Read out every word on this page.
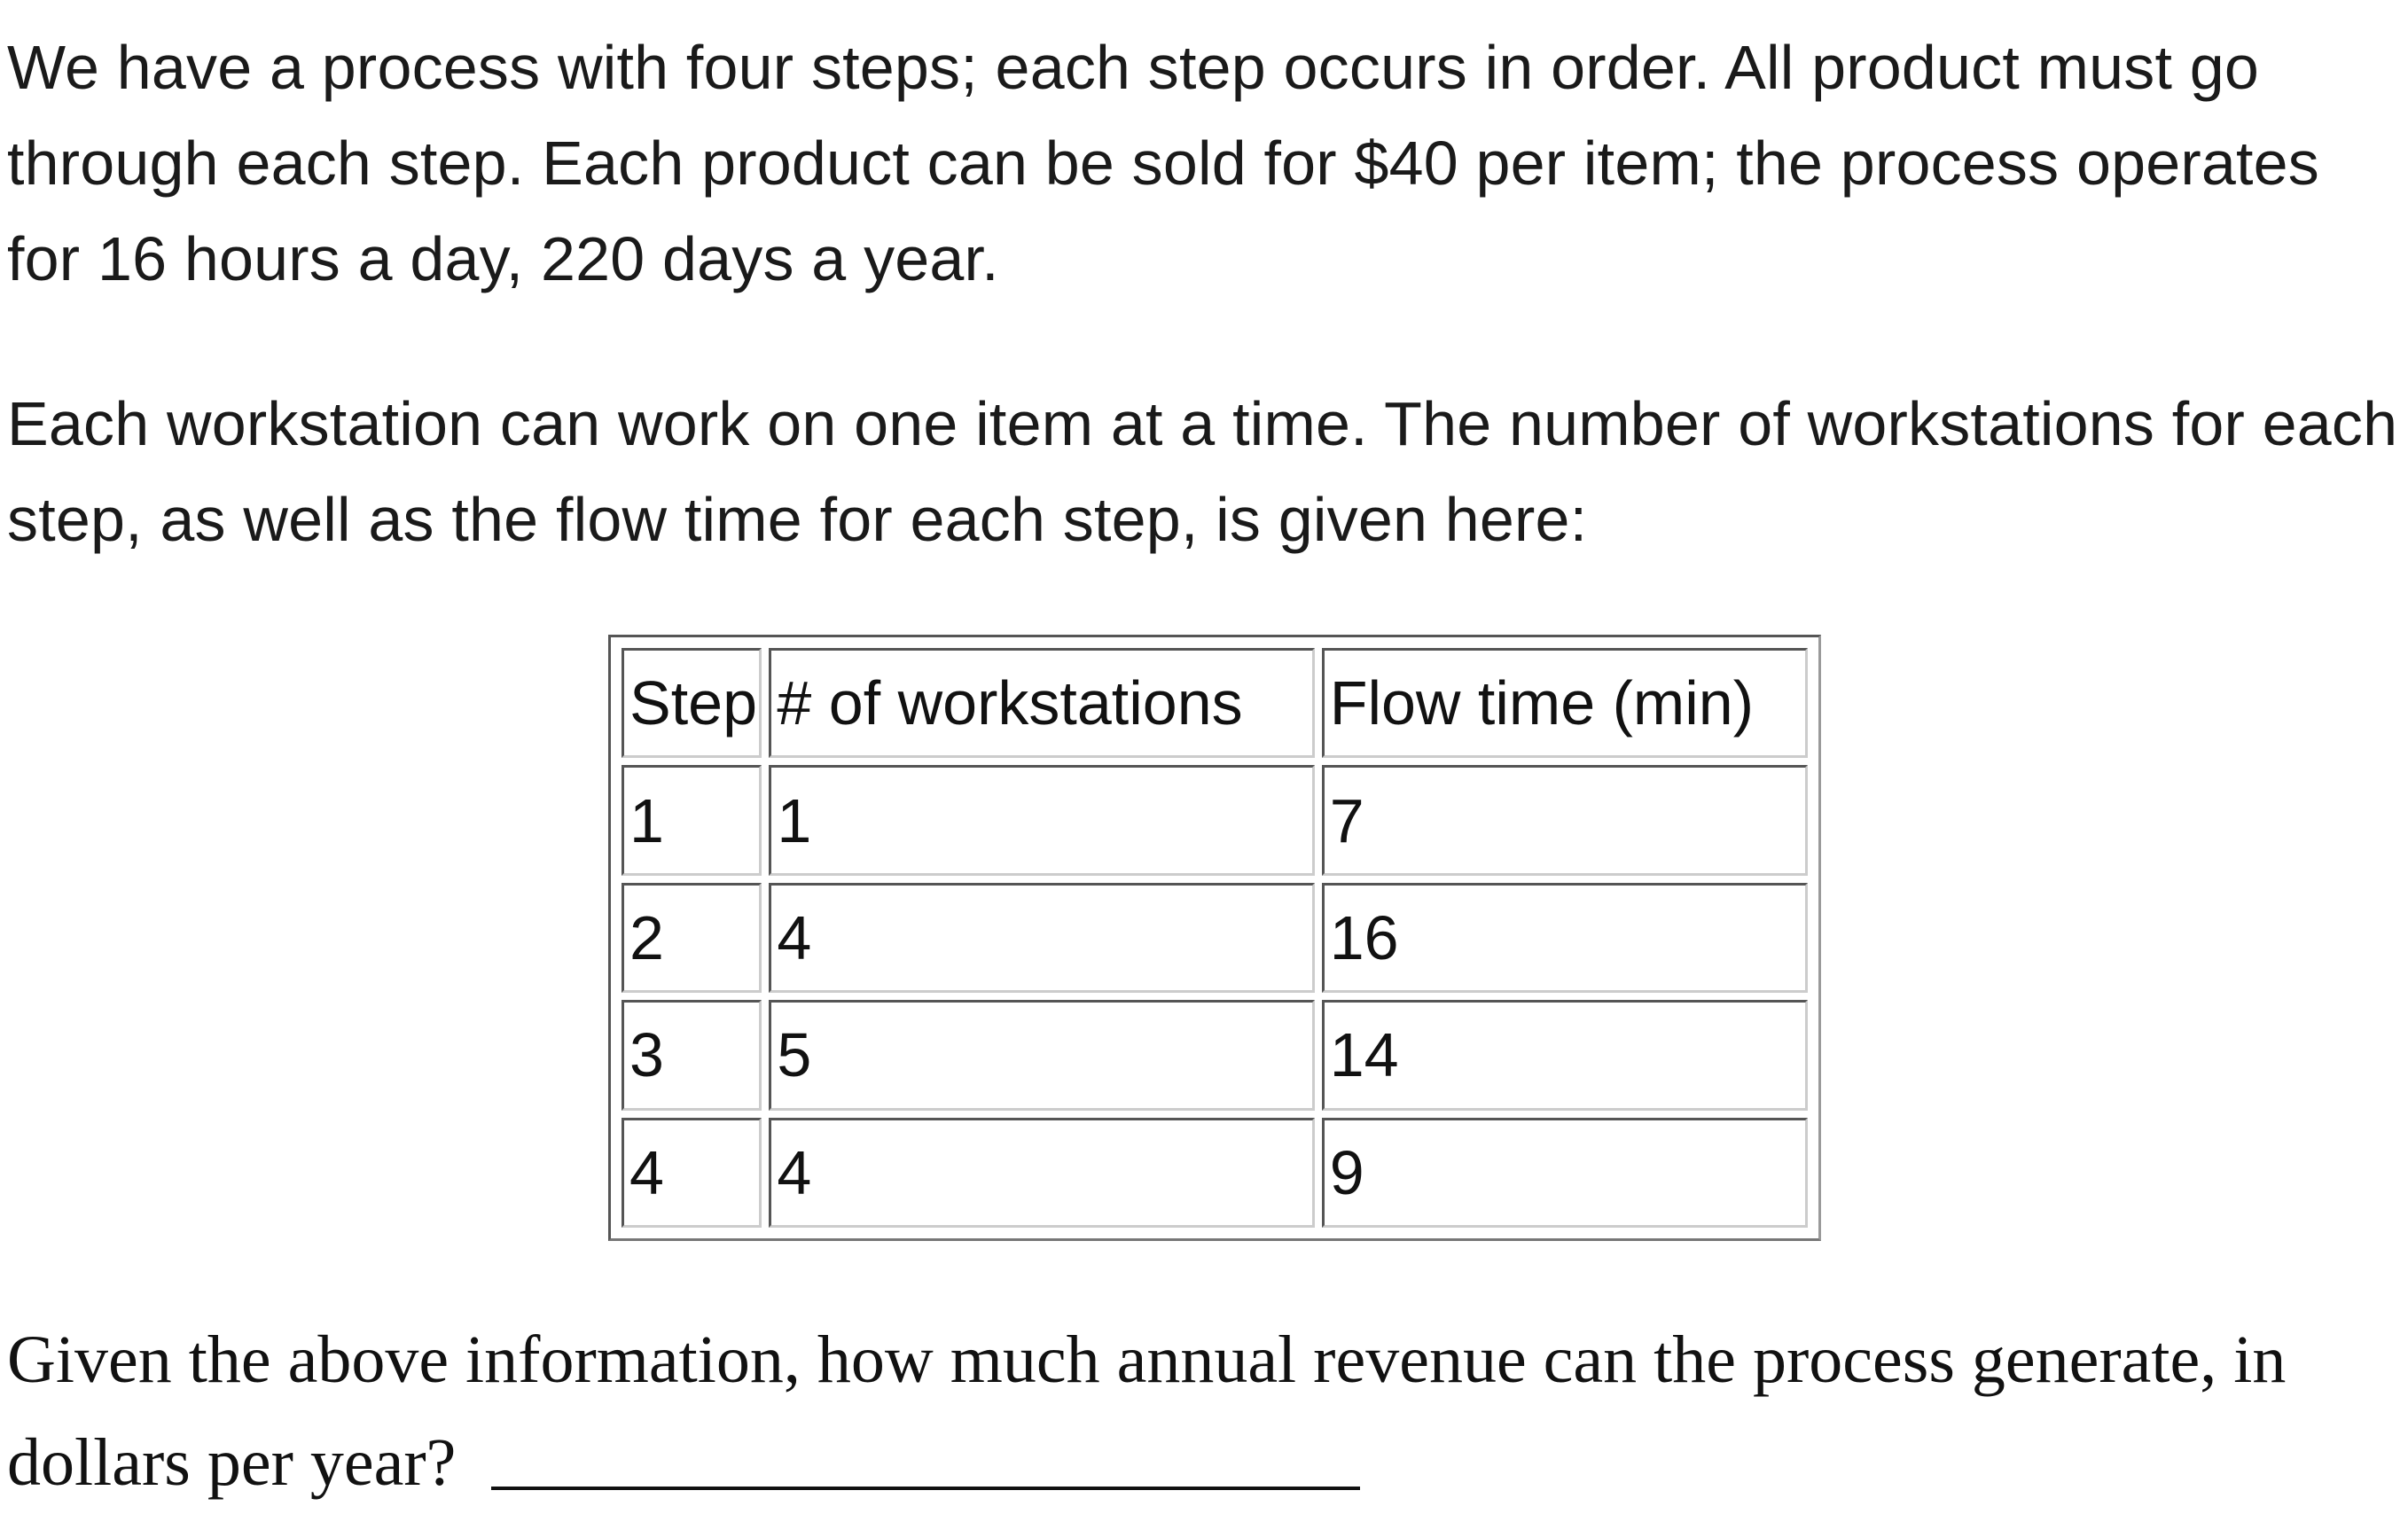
We have a process with four steps; each step occurs in order. All product must go through each step. Each product can be sold for $40 per item; the process operates for 16 hours a day, 220 days a year.

Each workstation can work on one item at a time. The number of workstations for each step, as well as the flow time for each step, is given here:

Step	# of workstations	Flow time (min)
1	1	7
2	4	16
3	5	14
4	4	9

Given the above information, how much annual revenue can the process generate, in dollars per year?
